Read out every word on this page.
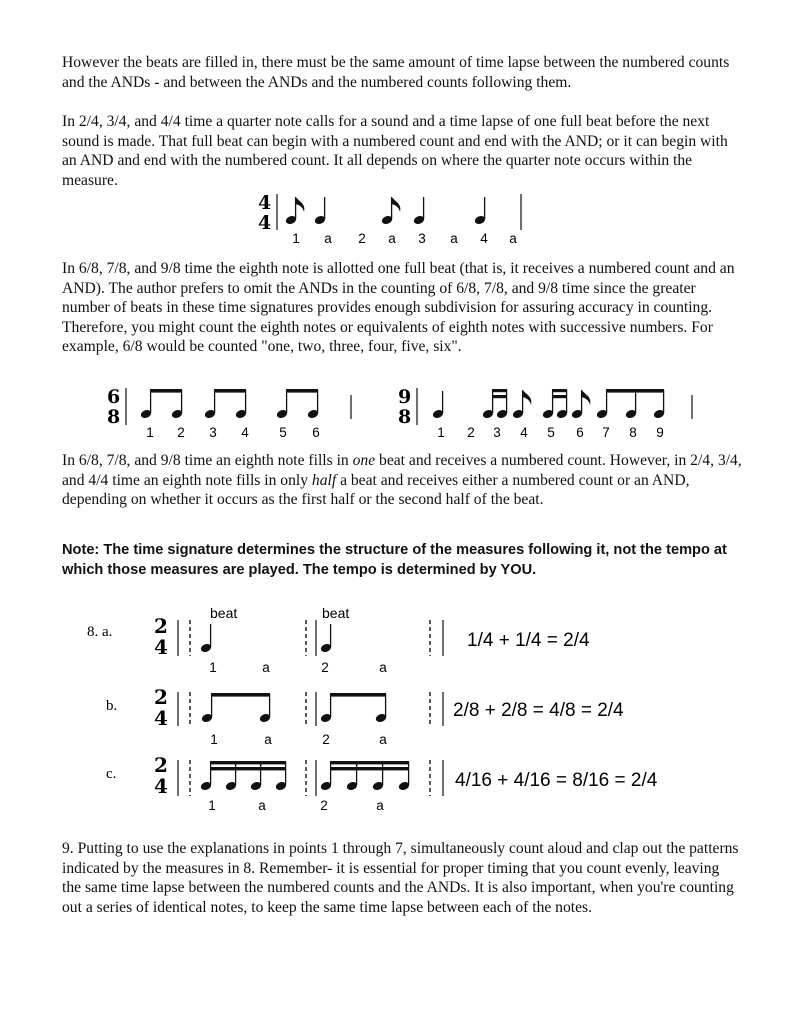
However the beats are filled in, there must be the same amount of time lapse between the numbered counts and the ANDs - and between the ANDs and the numbered counts following them.

In 2/4, 3/4, and 4/4 time a quarter note calls for a sound and a time lapse of one full beat before the next sound is made. That full beat can begin with a numbered count and end with the AND; or it can begin with an AND and end with the numbered count. It all depends on where the quarter note occurs within the measure.

4
4
1 a 2 a 3 a 4 a

In 6/8, 7/8, and 9/8 time the eighth note is allotted one full beat (that is, it receives a numbered count and an AND). The author prefers to omit the ANDs in the counting of 6/8, 7/8, and 9/8 time since the greater number of beats in these time signatures provides enough subdivision for assuring accuracy in counting. Therefore, you might count the eighth notes or equivalents of eighth notes with successive numbers. For example, 6/8 would be counted "one, two, three, four, five, six".

6
8
1 2 3 4 5 6
9
8
1 2 3 4 5 6 7 8 9

In 6/8, 7/8, and 9/8 time an eighth note fills in one beat and receives a numbered count. However, in 2/4, 3/4, and 4/4 time an eighth note fills in only half a beat and receives either a numbered count or an AND, depending on whether it occurs as the first half or the second half of the beat.

Note: The time signature determines the structure of the measures following it, not the tempo at which those measures are played. The tempo is determined by YOU.

8. a. 2
4
beat	beat
1	a	2	a
1/4 + 1/4 = 2/4
b. 2
4
1	a	2	a
2/8 + 2/8 = 4/8 = 2/4
c. 2
4
1	a	2	a
4/16 + 4/16 = 8/16 = 2/4

9. Putting to use the explanations in points 1 through 7, simultaneously count aloud and clap out the patterns indicated by the measures in 8. Remember- it is essential for proper timing that you count evenly, leaving the same time lapse between the numbered counts and the ANDs. It is also important, when you're counting out a series of identical notes, to keep the same time lapse between each of the notes.
